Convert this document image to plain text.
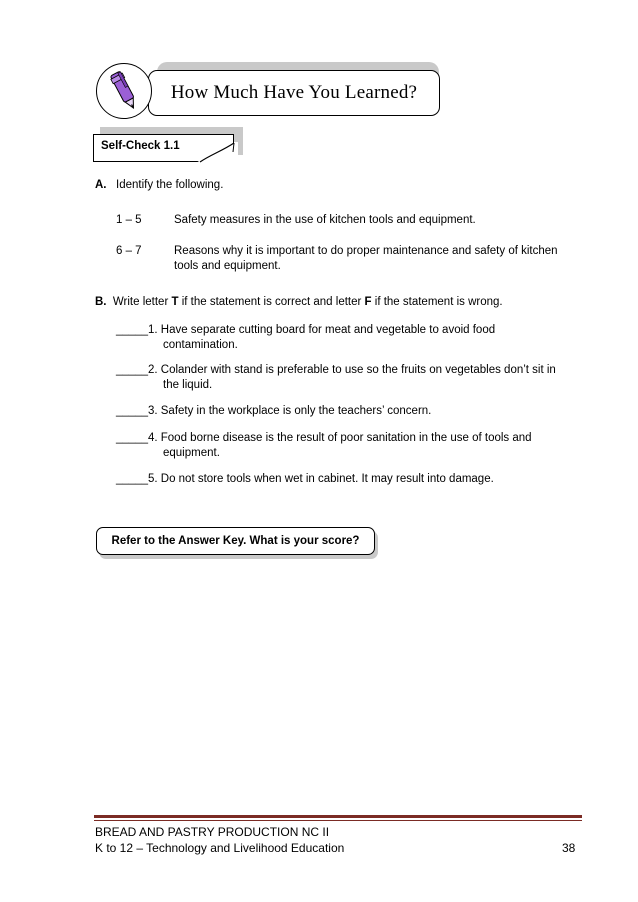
How Much Have You Learned?
Self-Check 1.1
A. Identify the following.
1 – 5	Safety measures in the use of kitchen tools and equipment.
6 – 7	Reasons why it is important to do proper maintenance and safety of kitchen
tools and equipment.
B. Write letter T if the statement is correct and letter F if the statement is wrong.
_____1. Have separate cutting board for meat and vegetable to avoid food
contamination.
_____2. Colander with stand is preferable to use so the fruits on vegetables don’t sit in
the liquid.
_____3. Safety in the workplace is only the teachers’ concern.
_____4. Food borne disease is the result of poor sanitation in the use of tools and
equipment.
_____5. Do not store tools when wet in cabinet. It may result into damage.
Refer to the Answer Key. What is your score?
BREAD AND PASTRY PRODUCTION NC II
K to 12 – Technology and Livelihood Education	38
